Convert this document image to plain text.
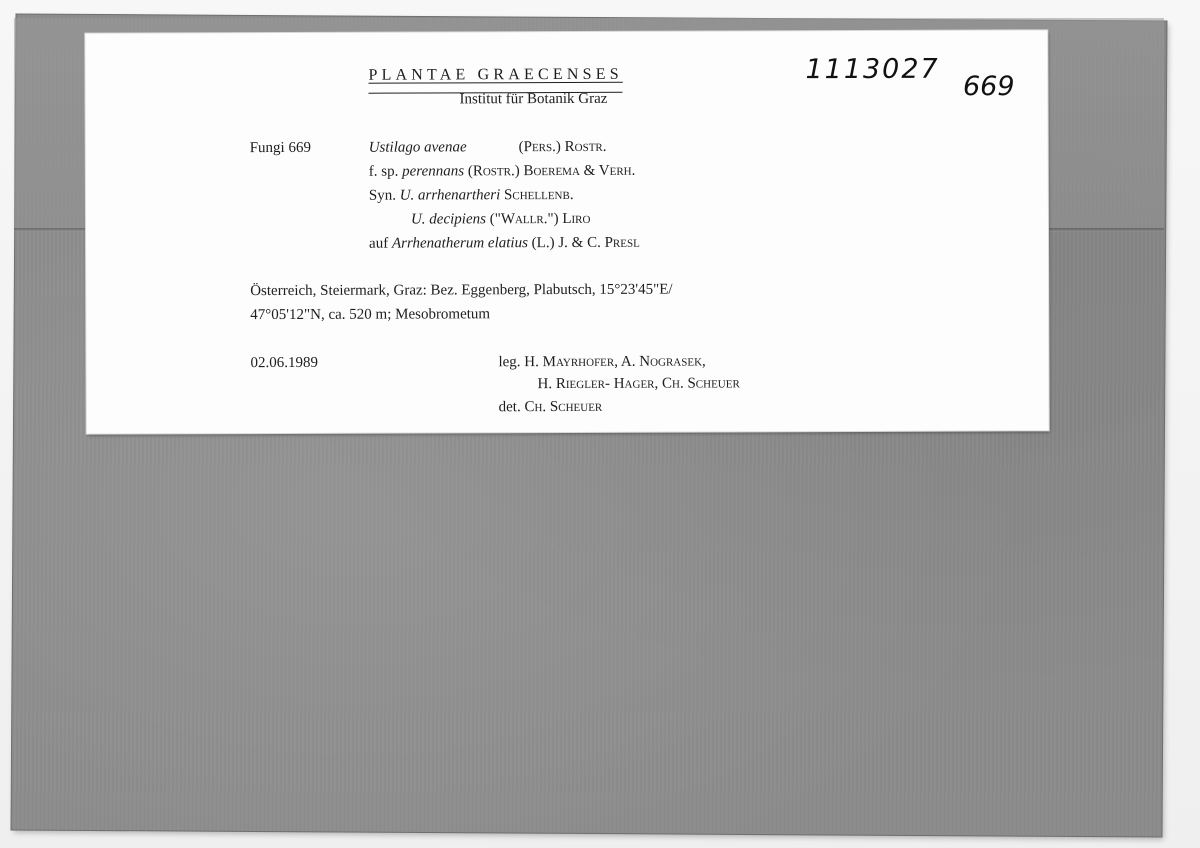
669
PLANTAE GRAECENSES
Institut für Botanik Graz
1113027
Fungi 669	Ustilago avenae	(Pers.) Rostr.
f. sp. perennans (Rostr.) Boerema & Verh.
Syn. U. arrhenartheri Schellenb.
U. decipiens ("Wallr.") Liro
auf Arrhenatherum elatius (L.) J. & C. Presl
Österreich, Steiermark, Graz: Bez. Eggenberg, Plabutsch, 15°23'45"E/
47°05'12"N, ca. 520 m; Mesobrometum
02.06.1989	leg. H. Mayrhofer, A. Nograsek,
H. Riegler- Hager, Ch. Scheuer
det. Ch. Scheuer
